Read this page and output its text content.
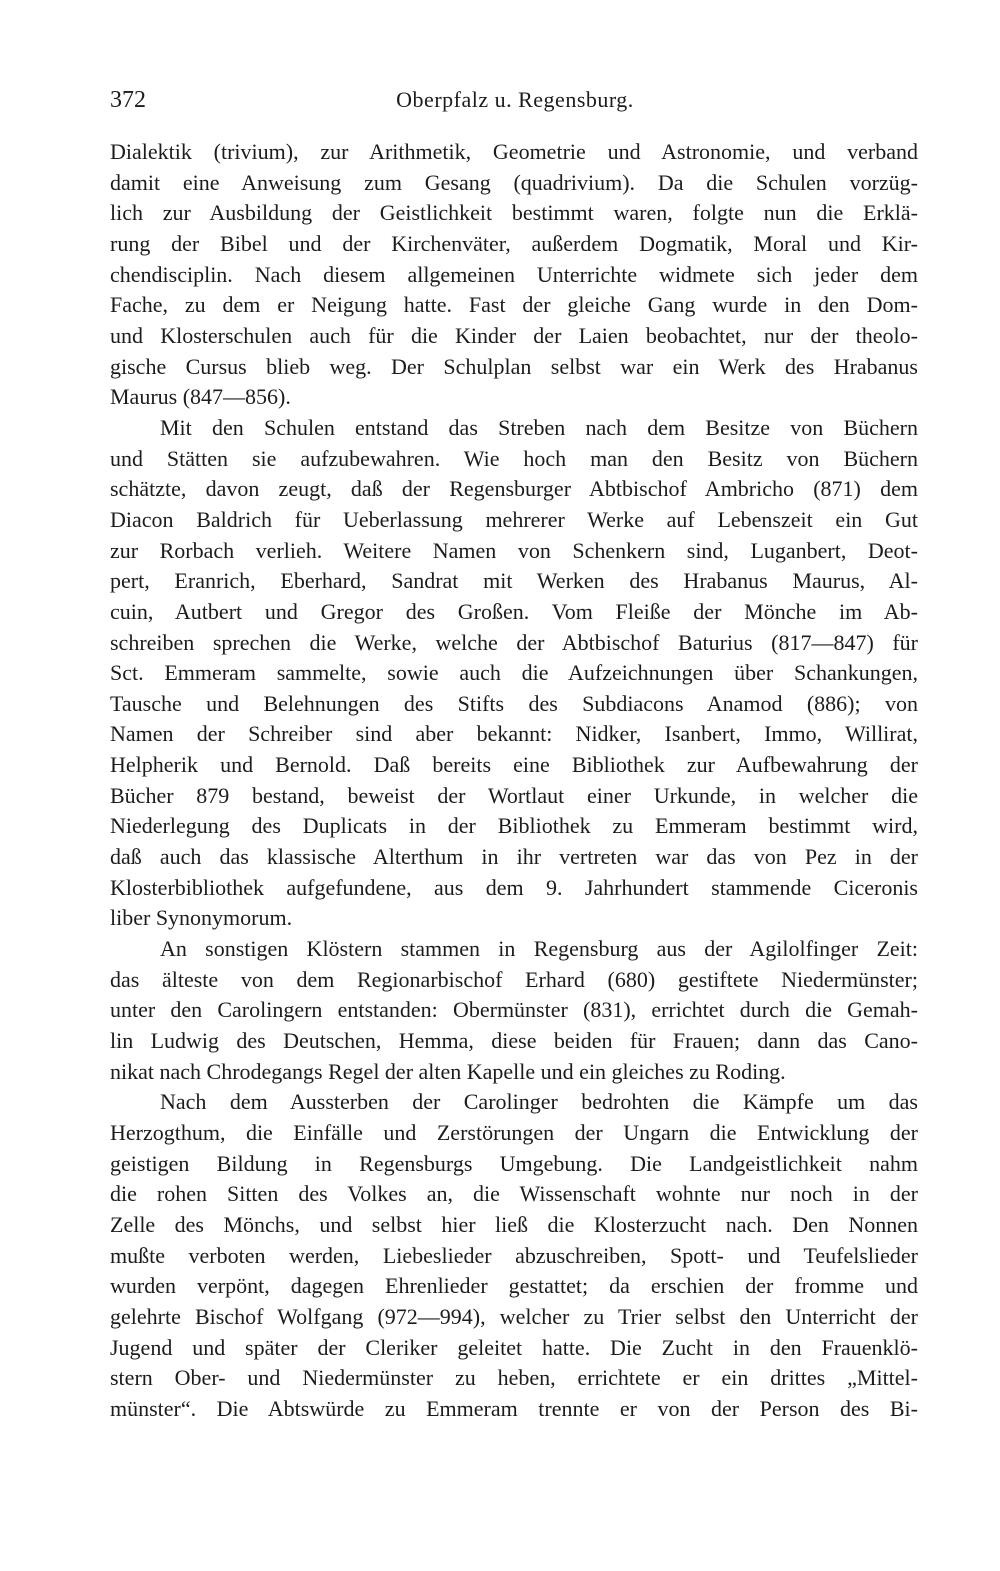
372	Oberpfalz u. Regensburg.
Dialektik (trivium), zur Arithmetik, Geometrie und Astronomie, und verband
damit eine Anweisung zum Gesang (quadrivium). Da die Schulen vorzüg-
lich zur Ausbildung der Geistlichkeit bestimmt waren, folgte nun die Erklä-
rung der Bibel und der Kirchenväter, außerdem Dogmatik, Moral und Kir-
chendisciplin. Nach diesem allgemeinen Unterrichte widmete sich jeder dem
Fache, zu dem er Neigung hatte. Fast der gleiche Gang wurde in den Dom-
und Klosterschulen auch für die Kinder der Laien beobachtet, nur der theolo-
gische Cursus blieb weg. Der Schulplan selbst war ein Werk des Hrabanus
Maurus (847—856).
Mit den Schulen entstand das Streben nach dem Besitze von Büchern
und Stätten sie aufzubewahren. Wie hoch man den Besitz von Büchern
schätzte, davon zeugt, daß der Regensburger Abtbischof Ambricho (871) dem
Diacon Baldrich für Ueberlassung mehrerer Werke auf Lebenszeit ein Gut
zur Rorbach verlieh. Weitere Namen von Schenkern sind, Luganbert, Deot-
pert, Eranrich, Eberhard, Sandrat mit Werken des Hrabanus Maurus, Al-
cuin, Autbert und Gregor des Großen. Vom Fleiße der Mönche im Ab-
schreiben sprechen die Werke, welche der Abtbischof Baturius (817—847) für
Sct. Emmeram sammelte, sowie auch die Aufzeichnungen über Schankungen,
Tausche und Belehnungen des Stifts des Subdiacons Anamod (886); von
Namen der Schreiber sind aber bekannt: Nidker, Isanbert, Immo, Willirat,
Helpherik und Bernold. Daß bereits eine Bibliothek zur Aufbewahrung der
Bücher 879 bestand, beweist der Wortlaut einer Urkunde, in welcher die
Niederlegung des Duplicats in der Bibliothek zu Emmeram bestimmt wird,
daß auch das klassische Alterthum in ihr vertreten war das von Pez in der
Klosterbibliothek aufgefundene, aus dem 9. Jahrhundert stammende Ciceronis
liber Synonymorum.
An sonstigen Klöstern stammen in Regensburg aus der Agilolfinger Zeit:
das älteste von dem Regionarbischof Erhard (680) gestiftete Niedermünster;
unter den Carolingern entstanden: Obermünster (831), errichtet durch die Gemah-
lin Ludwig des Deutschen, Hemma, diese beiden für Frauen; dann das Cano-
nikat nach Chrodegangs Regel der alten Kapelle und ein gleiches zu Roding.
Nach dem Aussterben der Carolinger bedrohten die Kämpfe um das
Herzogthum, die Einfälle und Zerstörungen der Ungarn die Entwicklung der
geistigen Bildung in Regensburgs Umgebung. Die Landgeistlichkeit nahm
die rohen Sitten des Volkes an, die Wissenschaft wohnte nur noch in der
Zelle des Mönchs, und selbst hier ließ die Klosterzucht nach. Den Nonnen
mußte verboten werden, Liebeslieder abzuschreiben, Spott- und Teufelslieder
wurden verpönt, dagegen Ehrenlieder gestattet; da erschien der fromme und
gelehrte Bischof Wolfgang (972—994), welcher zu Trier selbst den Unterricht der
Jugend und später der Cleriker geleitet hatte. Die Zucht in den Frauenklö-
stern Ober- und Niedermünster zu heben, errichtete er ein drittes „Mittel-
münster“. Die Abtswürde zu Emmeram trennte er von der Person des Bi-
